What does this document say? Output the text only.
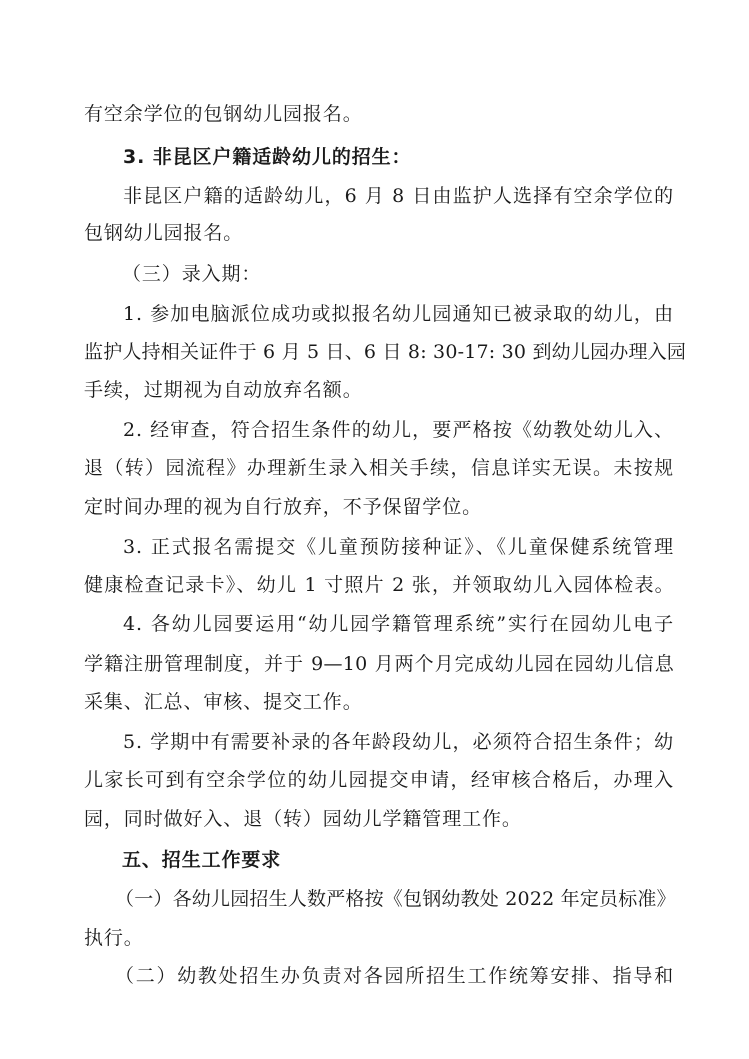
有空余学位的包钢幼儿园报名。
3. 非昆区户籍适龄幼儿的招生：
非昆区户籍的适龄幼儿，6 月 8 日由监护人选择有空余学位的
包钢幼儿园报名。
（三）录入期：
1. 参加电脑派位成功或拟报名幼儿园通知已被录取的幼儿，由
监护人持相关证件于 6 月 5 日、6 日 8: 30-17: 30 到幼儿园办理入园
手续，过期视为自动放弃名额。
2. 经审查，符合招生条件的幼儿，要严格按《幼教处幼儿入、
退（转）园流程》办理新生录入相关手续，信息详实无误。未按规
定时间办理的视为自行放弃，不予保留学位。
3. 正式报名需提交《儿童预防接种证》、《儿童保健系统管理
健康检查记录卡》、幼儿 1 寸照片 2 张，并领取幼儿入园体检表。
4. 各幼儿园要运用“幼儿园学籍管理系统”实行在园幼儿电子
学籍注册管理制度，并于 9—10 月两个月完成幼儿园在园幼儿信息
采集、汇总、审核、提交工作。
5. 学期中有需要补录的各年龄段幼儿，必须符合招生条件；幼
儿家长可到有空余学位的幼儿园提交申请，经审核合格后，办理入
园，同时做好入、退（转）园幼儿学籍管理工作。
五、招生工作要求
（一）各幼儿园招生人数严格按《包钢幼教处 2022 年定员标准》
执行。
（二）幼教处招生办负责对各园所招生工作统筹安排、指导和
